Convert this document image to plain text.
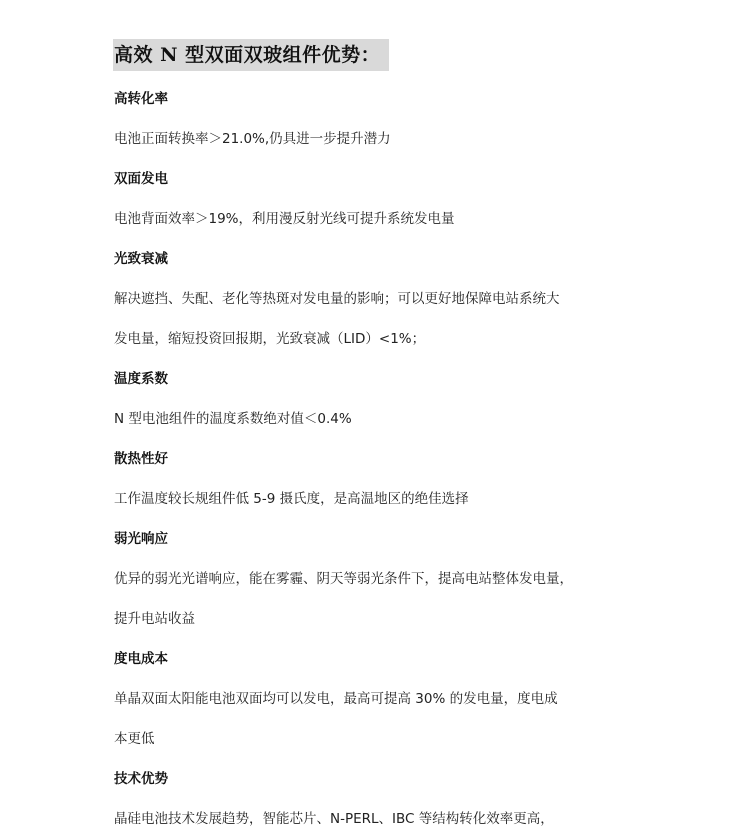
高效 N 型双面双玻组件优势：
高转化率
电池正面转换率＞21.0%,仍具进一步提升潜力
双面发电
电池背面效率＞19%，利用漫反射光线可提升系统发电量
光致衰减
解决遮挡、失配、老化等热斑对发电量的影响；可以更好地保障电站系统大
发电量，缩短投资回报期，光致衰减（LID）<1%；
温度系数
N 型电池组件的温度系数绝对值＜0.4%
散热性好
工作温度较长规组件低 5-9 摄氏度，是高温地区的绝佳选择
弱光响应
优异的弱光光谱响应，能在雾霾、阴天等弱光条件下，提高电站整体发电量，
提升电站收益
度电成本
单晶双面太阳能电池双面均可以发电，最高可提高 30% 的发电量，度电成
本更低
技术优势
晶硅电池技术发展趋势，智能芯片、N-PERL、IBC 等结构转化效率更高，
